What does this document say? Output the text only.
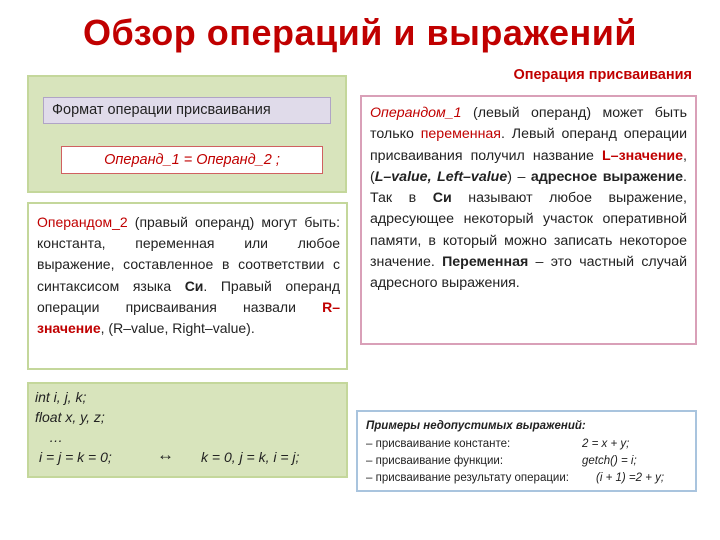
Обзор операций и выражений
Операция присваивания
Формат операции присваивания
Операнд_1 = Операнд_2 ;
Операндом_2 (правый операнд) могут быть: константа, переменная или любое выражение, составленное в соответствии с синтаксисом языка Си. Правый операнд операции присваивания назвали R–значение, (R–value, Right–value).
int i, j, k;
float x, y, z;
…
i = j = k = 0;	↔ k = 0, j = k, i = j;
Операндом_1 (левый операнд) может быть только переменная. Левый операнд операции присваивания получил название L–значение, (L–value, Left–value) – адресное выражение. Так в Си называют любое выражение, адресующее некоторый участок оперативной памяти, в который можно записать некоторое значение. Переменная – это частный случай адресного выражения.
Примеры недопустимых выражений:
– присваивание константе:	2 = x + y;
– присваивание функции:	getch() = i;
– присваивание результату операции: (i + 1) =2 + y;
